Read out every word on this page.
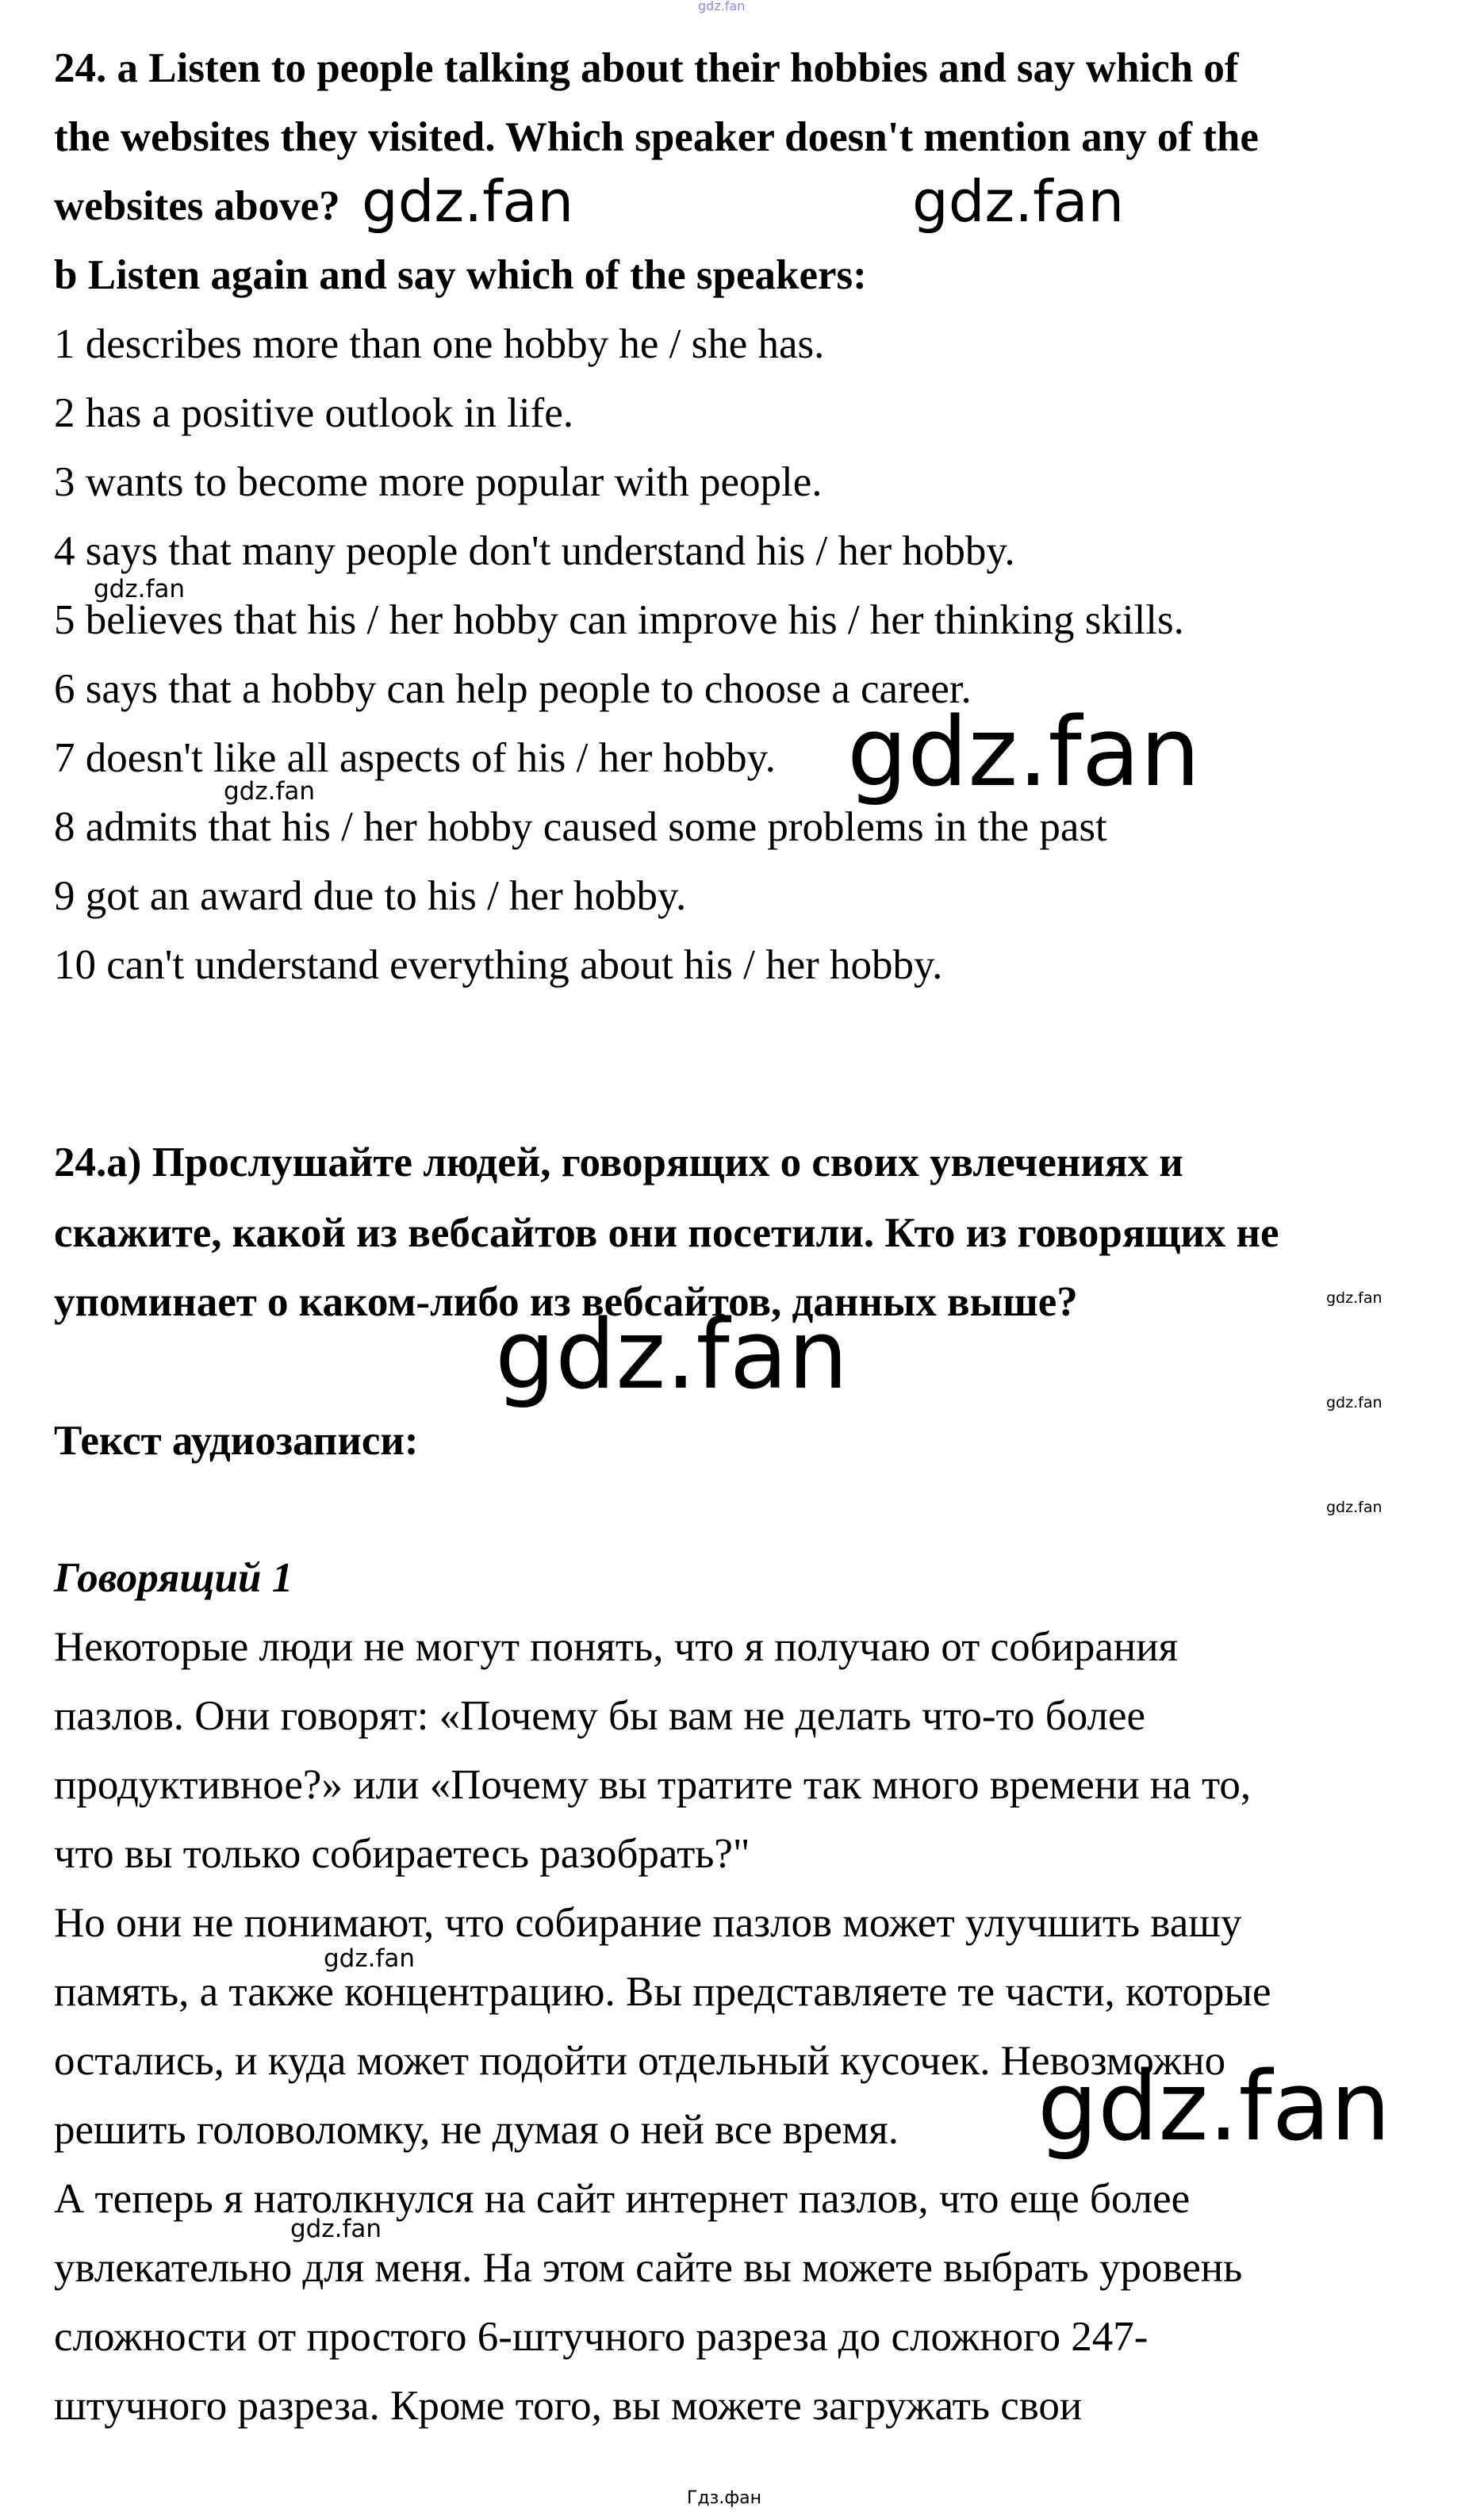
gdz.fan
24. a Listen to people talking about their hobbies and say which of
the websites they visited. Which speaker doesn't mention any of the
websites above? gdz.fan	gdz.fan
b Listen again and say which of the speakers:
1 describes more than one hobby he / she has.
2 has a positive outlook in life.
3 wants to become more popular with people.
4 says that many people don't understand his / her hobby.
gdz.fan
5 believes that his / her hobby can improve his / her thinking skills.
6 says that a hobby can help people to choose a career.
7 doesn't like all aspects of his / her hobby. gdz.fan
gdz.fan
8 admits that his / her hobby caused some problems in the past
9 got an award due to his / her hobby.
10 can't understand everything about his / her hobby.
24.а) Прослушайте людей, говорящих о своих увлечениях и
скажите, какой из вебсайтов они посетили. Кто из говорящих не
упоминает о каком-либо из вебсайтов, данных выше?	gdz.fan
gdz.fan	gdz.fan
Текст аудиозаписи:
gdz.fan
Говорящий 1
Некоторые люди не могут понять, что я получаю от собирания
пазлов. Они говорят: «Почему бы вам не делать что-то более
продуктивное?» или «Почему вы тратите так много времени на то,
что вы только собираетесь разобрать?"
Но они не понимают, что собирание пазлов может улучшить вашу
gdz.fan
память, а также концентрацию. Вы представляете те части, которые
остались, и куда может подойти отдельный кусочек. Невозможно
gdz.fan
решить головоломку, не думая о ней все время.
А теперь я натолкнулся на сайт интернет пазлов, что еще более
gdz.fan
увлекательно для меня. На этом сайте вы можете выбрать уровень
сложности от простого 6-штучного разреза до сложного 247-
штучного разреза. Кроме того, вы можете загружать свои
Гдз.фан
